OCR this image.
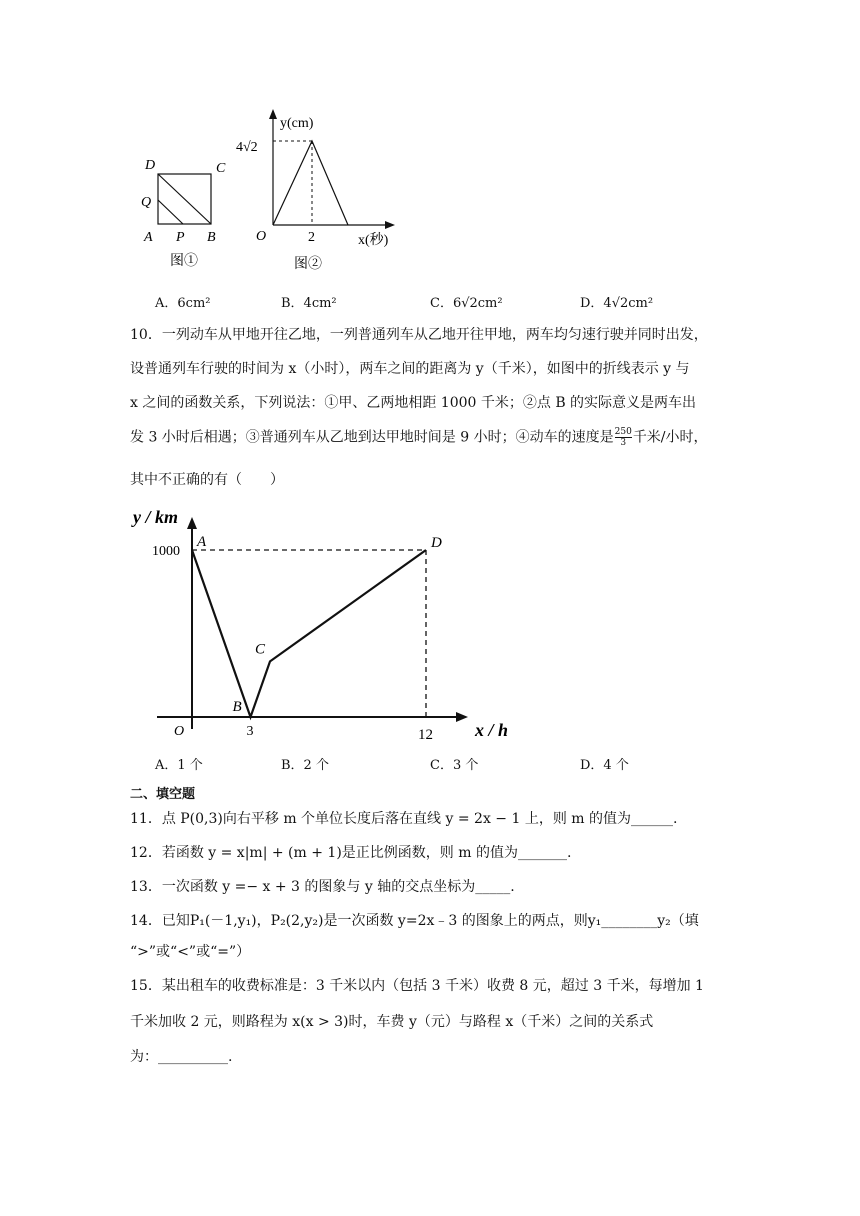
D	C
Q
A P B
图①
y(cm)
4√2
O	2	x(秒)
图②
A．6cm²	B．4cm²	C．6√2cm²	D．4√2cm²
10．一列动车从甲地开往乙地，一列普通列车从乙地开往甲地，两车均匀速行驶并同时出发，
设普通列车行驶的时间为 x（小时），两车之间的距离为 y（千米），如图中的折线表示 y 与
x 之间的函数关系，下列说法：①甲、乙两地相距 1000 千米；②点 B 的实际意义是两车出
发 3 小时后相遇；③普通列车从乙地到达甲地时间是 9 小时；④动车的速度是 $\frac{250}{3}$ 千米/小时，
其中不正确的有（　　）
A
B
C
D
1000
3	12
O
y / km
x / h
A．1 个	B．2 个	C．3 个	D．4 个
二、填空题
11．点 P(0,3)向右平移 m 个单位长度后落在直线 y = 2x − 1 上，则 m 的值为______.
12．若函数 y = x|m| + (m + 1)是正比例函数，则 m 的值为_______.
13．一次函数 y =− x + 3 的图象与 y 轴的交点坐标为_____.
14．已知P₁(－1,y₁)，P₂(2,y₂)是一次函数 y=2x﹣3 的图象上的两点，则y₁________y₂（填
“>”或“<”或“=”）
15．某出租车的收费标准是：3 千米以内（包括 3 千米）收费 8 元，超过 3 千米，每增加 1
千米加收 2 元，则路程为 x(x > 3)时，车费 y（元）与路程 x（千米）之间的关系式
为：__________.
